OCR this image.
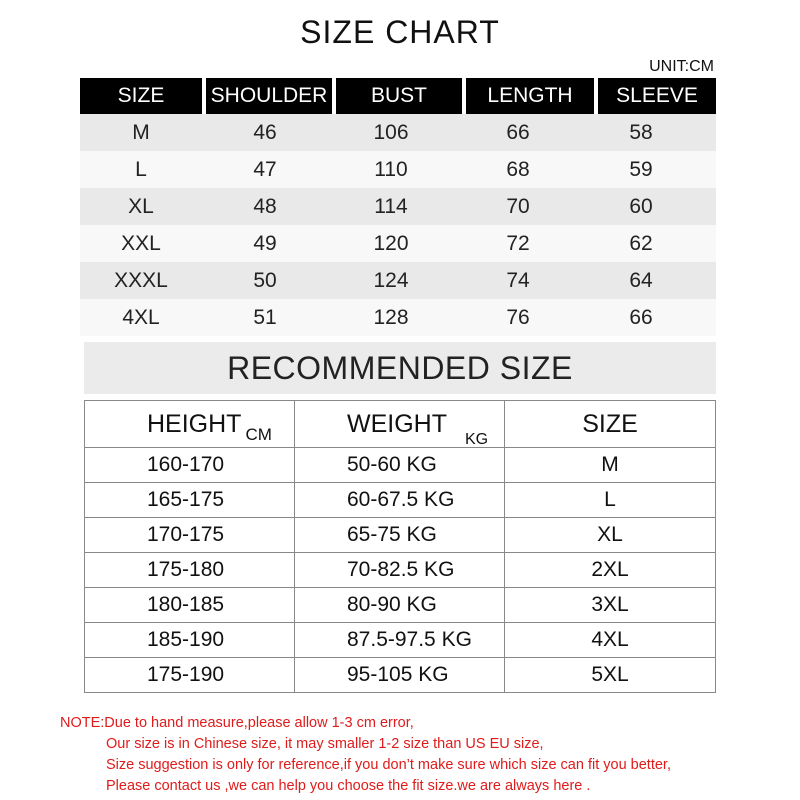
SIZE CHART
UNIT:CM
SIZE	SHOULDER	BUST	LENGTH	SLEEVE
M	46	106	66	58
L	47	110	68	59
XL	48	114	70	60
XXL	49	120	72	62
XXXL	50	124	74	64
4XL	51	128	76	66
RECOMMENDED SIZE
HEIGHT $_{CM}$	$WEIGHT_{KG}$	SIZE
160-170	50-60 KG	M
165-175	60-67.5 KG	L
170-175	65-75 KG	XL
175-180	70-82.5 KG	2XL
180-185	80-90 KG	3XL
185-190	87.5-97.5 KG	4XL
175-190	95-105 KG	5XL
NOTE:Due to hand measure,please allow 1-3 cm error,
Our size is in Chinese size, it may smaller 1-2 size than US EU size,
Size suggestion is only for reference,if you don’t make sure which size can fit you better,
Please contact us ,we can help you choose the fit size.we are always here .
